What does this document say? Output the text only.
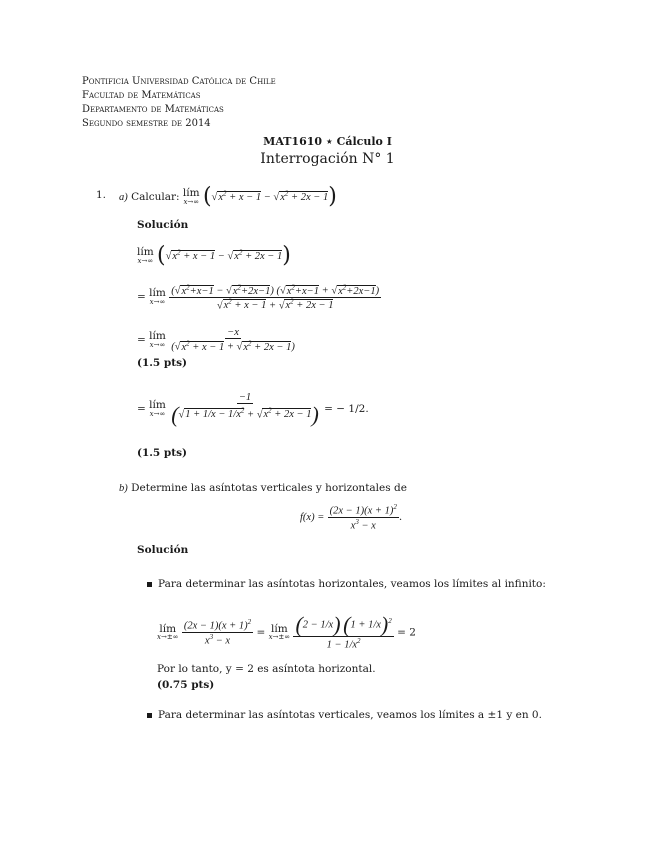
Pontificia Universidad Católica de Chile
Facultad de Matemáticas
Departamento de Matemáticas
Segundo semestre de 2014
MAT1610 ⋆ Cálculo I
Interrogación N° 1
1. a) Calcular: lím
x→∞ $(√x^2 + x - 1 - √x^2 + 2x - 1)$
Solución
lím
x→∞ $(√x^2 + x - 1 - √x^2 + 2x - 1)$
= lím
x→∞
$\frac{(√x^2+x-1 - √x^2+2x-1) (√x^2+x-1 + √x^2+2x-1)}{√x^2 + x - 1 + √x^2 + 2x - 1}$
= lím
x→∞
$\frac{-x}{(√x^2 + x - 1 + √x^2 + 2x - 1)}$
(1.5 pts)
= lím
x→∞
$\frac{-1}{(√1 + 1/x - 1/x^2 + √x^2 + 2x - 1)}$ = − 1/2.
(1.5 pts)
b) Determine las asíntotas verticales y horizontales de
$f(x) = \frac{(2x - 1)(x + 1)^2}{x^3 - x}$ .
Solución
Para determinar las asíntotas horizontales, veamos los límites al infinito:
lím
x→±∞
$\frac{(2x - 1)(x + 1)^2}{x^3 - x}$ = lím
x→±∞
$\frac{(2 - 1/x) (1 + 1/x)^2}{1 - 1/x^2} = 2$
Por lo tanto, y = 2 es asíntota horizontal.
(0.75 pts)
Para determinar las asíntotas verticales, veamos los límites a ±1 y en 0.
